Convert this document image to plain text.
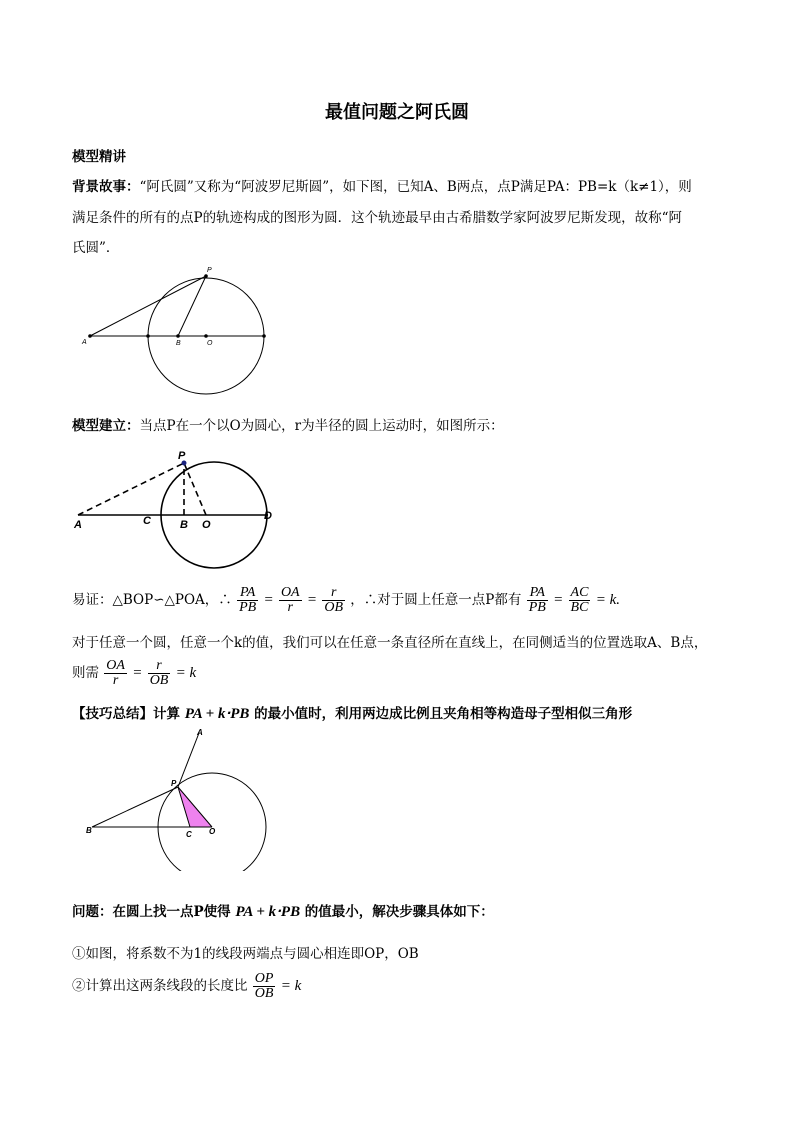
最值问题之阿氏圆
模型精讲
背景故事：“阿氏圆”又称为“阿波罗尼斯圆”，如下图，已知A、B两点，点P满足PA：PB=k（k≠1），则
满足条件的所有的点P的轨迹构成的图形为圆．这个轨迹最早由古希腊数学家阿波罗尼斯发现，故称“阿
氏圆”．
A	B	O
P
模型建立：当点P在一个以O为圆心，r为半径的圆上运动时，如图所示：
P
A	C	B O
D
易证：△BOP∽△POA，∴ $\frac{PA}{PB} = \frac{OA}{r} = \frac{r}{OB}$ ，∴对于圆上任意一点P都有 $\frac{PA}{PB} = \frac{AC}{BC} = k$.
对于任意一个圆，任意一个k的值，我们可以在任意一条直径所在直线上，在同侧适当的位置选取A、B点，
则需 $\frac{OA}{r} = \frac{r}{OB} = k$
【技巧总结】计算 PA + k⋅PB 的最小值时，利用两边成比例且夹角相等构造母子型相似三角形
A
P
B	C O
问题：在圆上找一点P使得 PA + k⋅PB 的值最小，解决步骤具体如下：
①如图，将系数不为1的线段两端点与圆心相连即OP，OB
②计算出这两条线段的长度比 $\frac{OP}{OB} = k$
